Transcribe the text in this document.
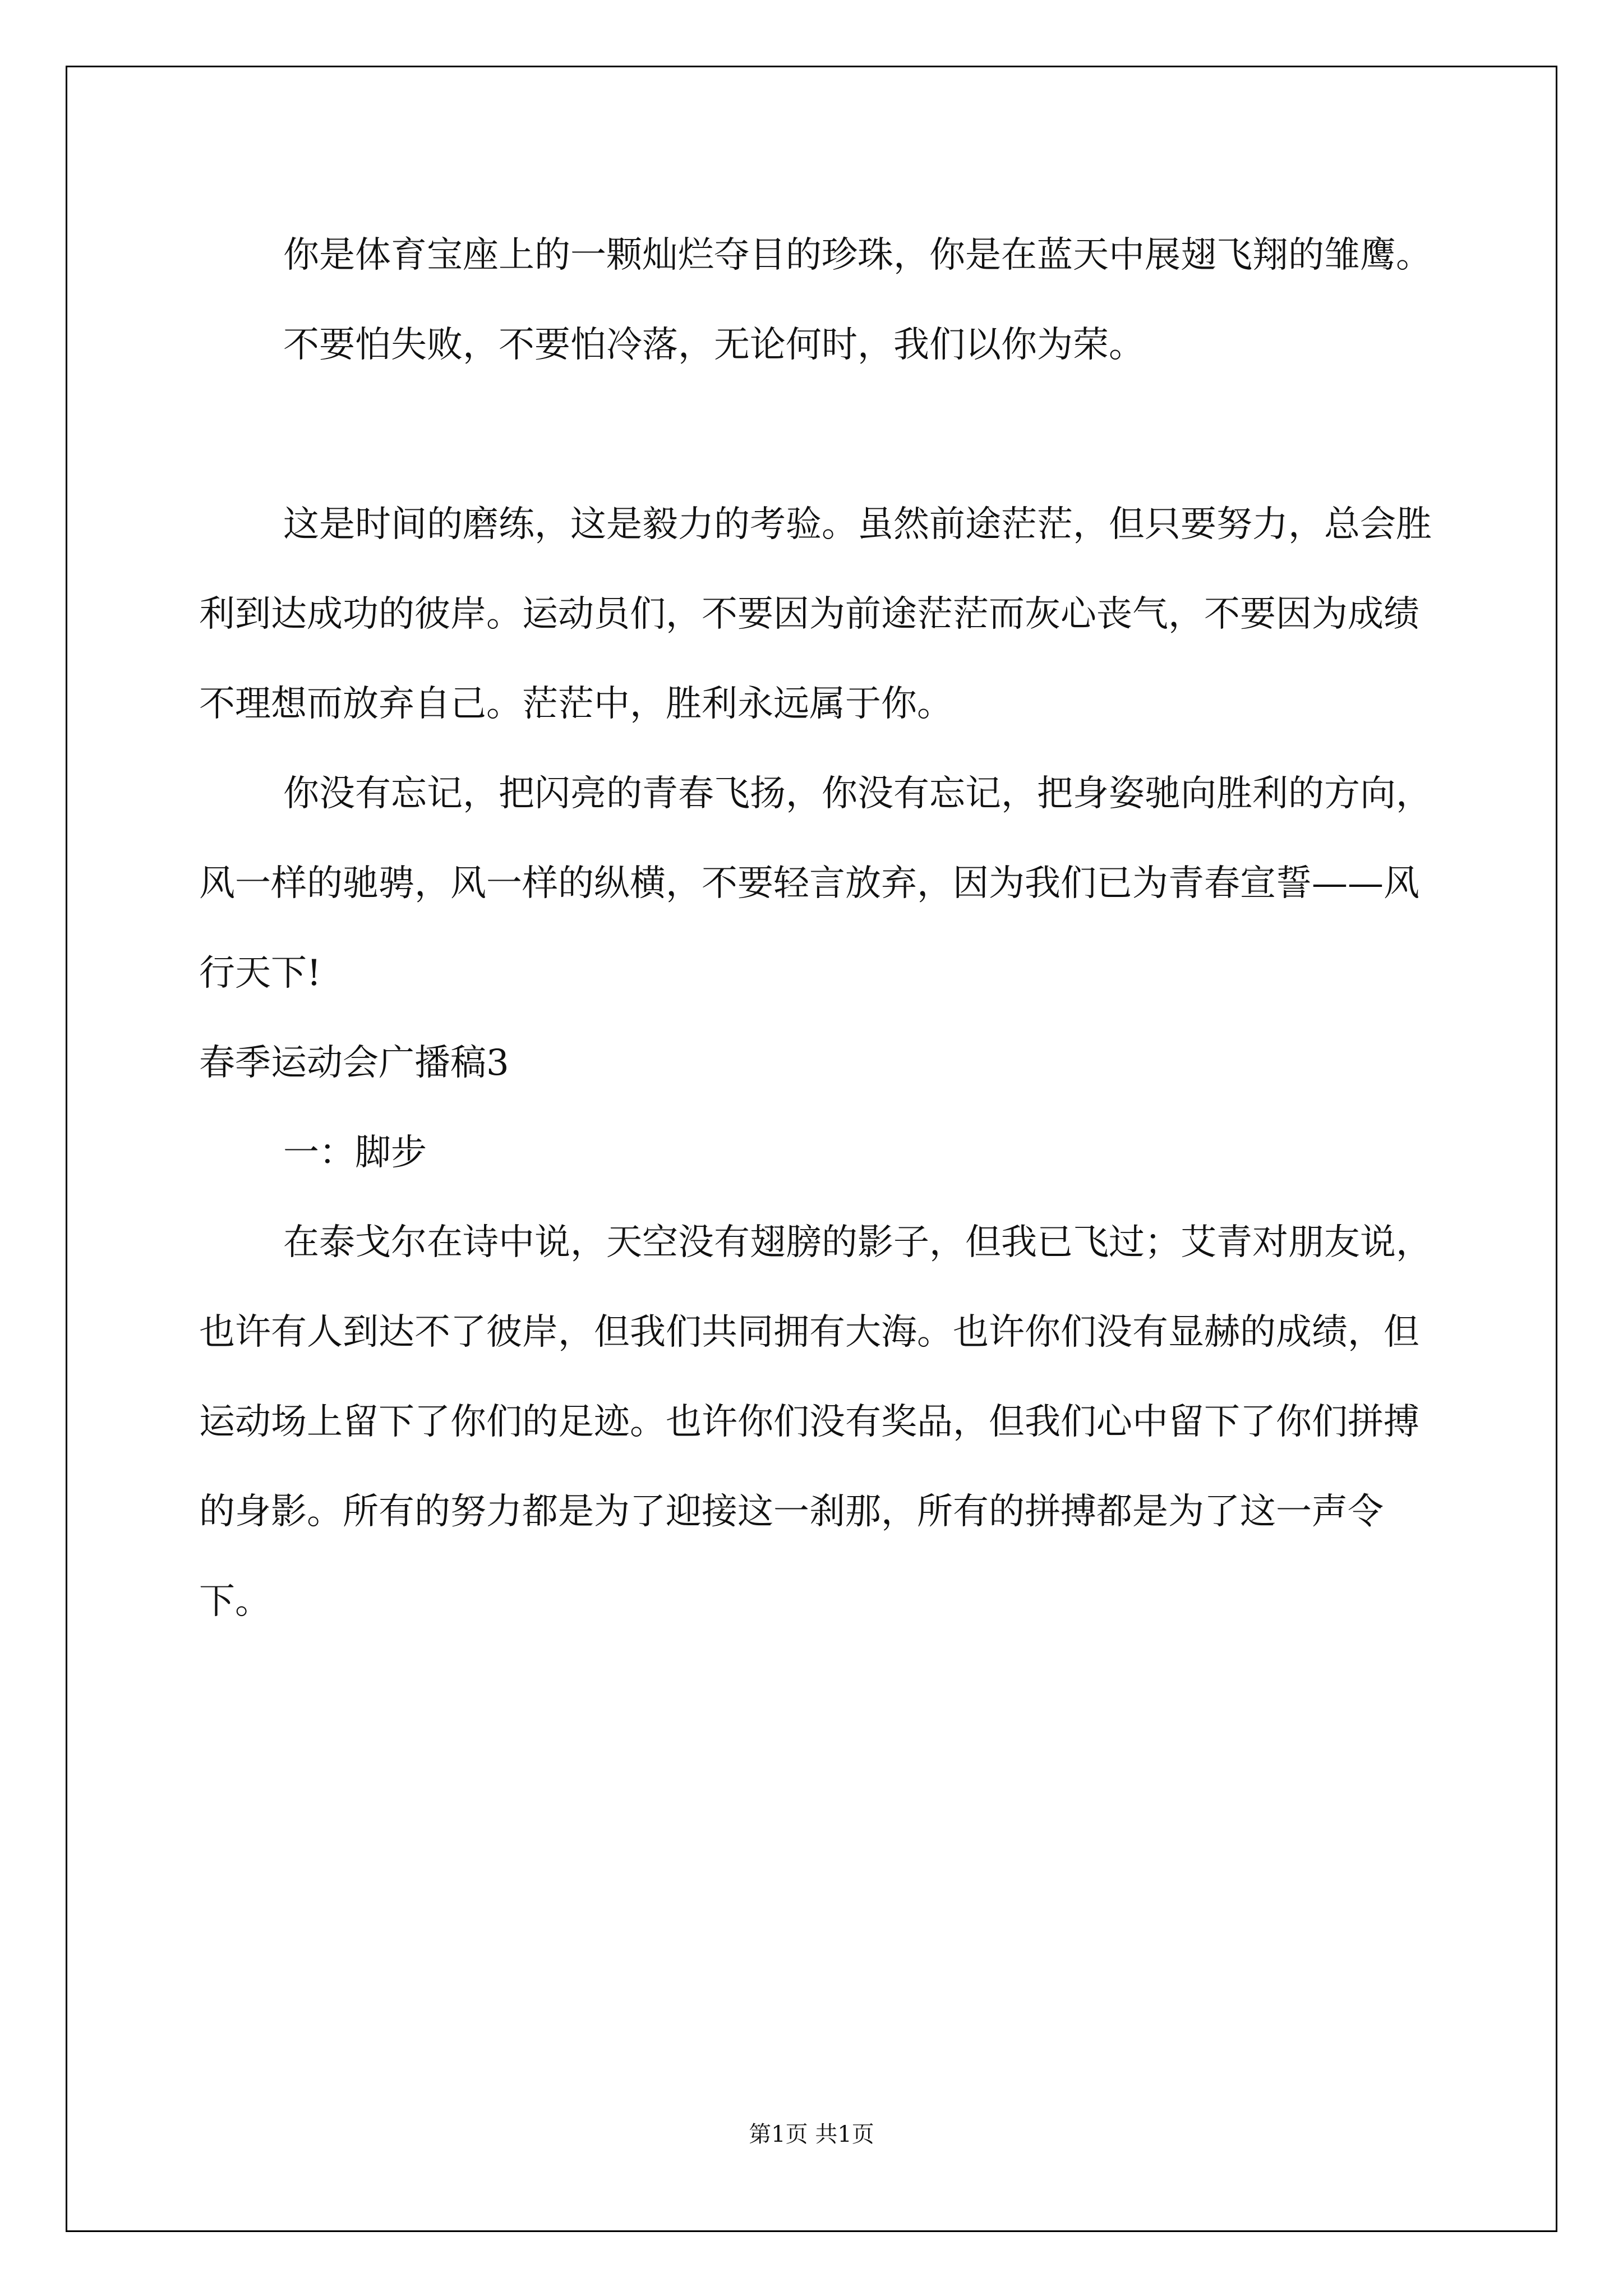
你是体育宝座上的一颗灿烂夺目的珍珠，你是在蓝天中展翅飞翔的雏鹰。

不要怕失败，不要怕冷落，无论何时，我们以你为荣。

这是时间的磨练，这是毅力的考验。虽然前途茫茫，但只要努力，总会胜利到达成功的彼岸。运动员们，不要因为前途茫茫而灰心丧气，不要因为成绩不理想而放弃自己。茫茫中，胜利永远属于你。

你没有忘记，把闪亮的青春飞扬，你没有忘记，把身姿驰向胜利的方向，风一样的驰骋，风一样的纵横，不要轻言放弃，因为我们已为青春宣誓——风行天下!

春季运动会广播稿3

一：脚步

在泰戈尔在诗中说，天空没有翅膀的影子，但我已飞过；艾青对朋友说，也许有人到达不了彼岸，但我们共同拥有大海。也许你们没有显赫的成绩，但运动场上留下了你们的足迹。也许你们没有奖品，但我们心中留下了你们拼搏的身影。所有的努力都是为了迎接这一刹那，所有的拼搏都是为了这一声令下。

第1页 共1页
